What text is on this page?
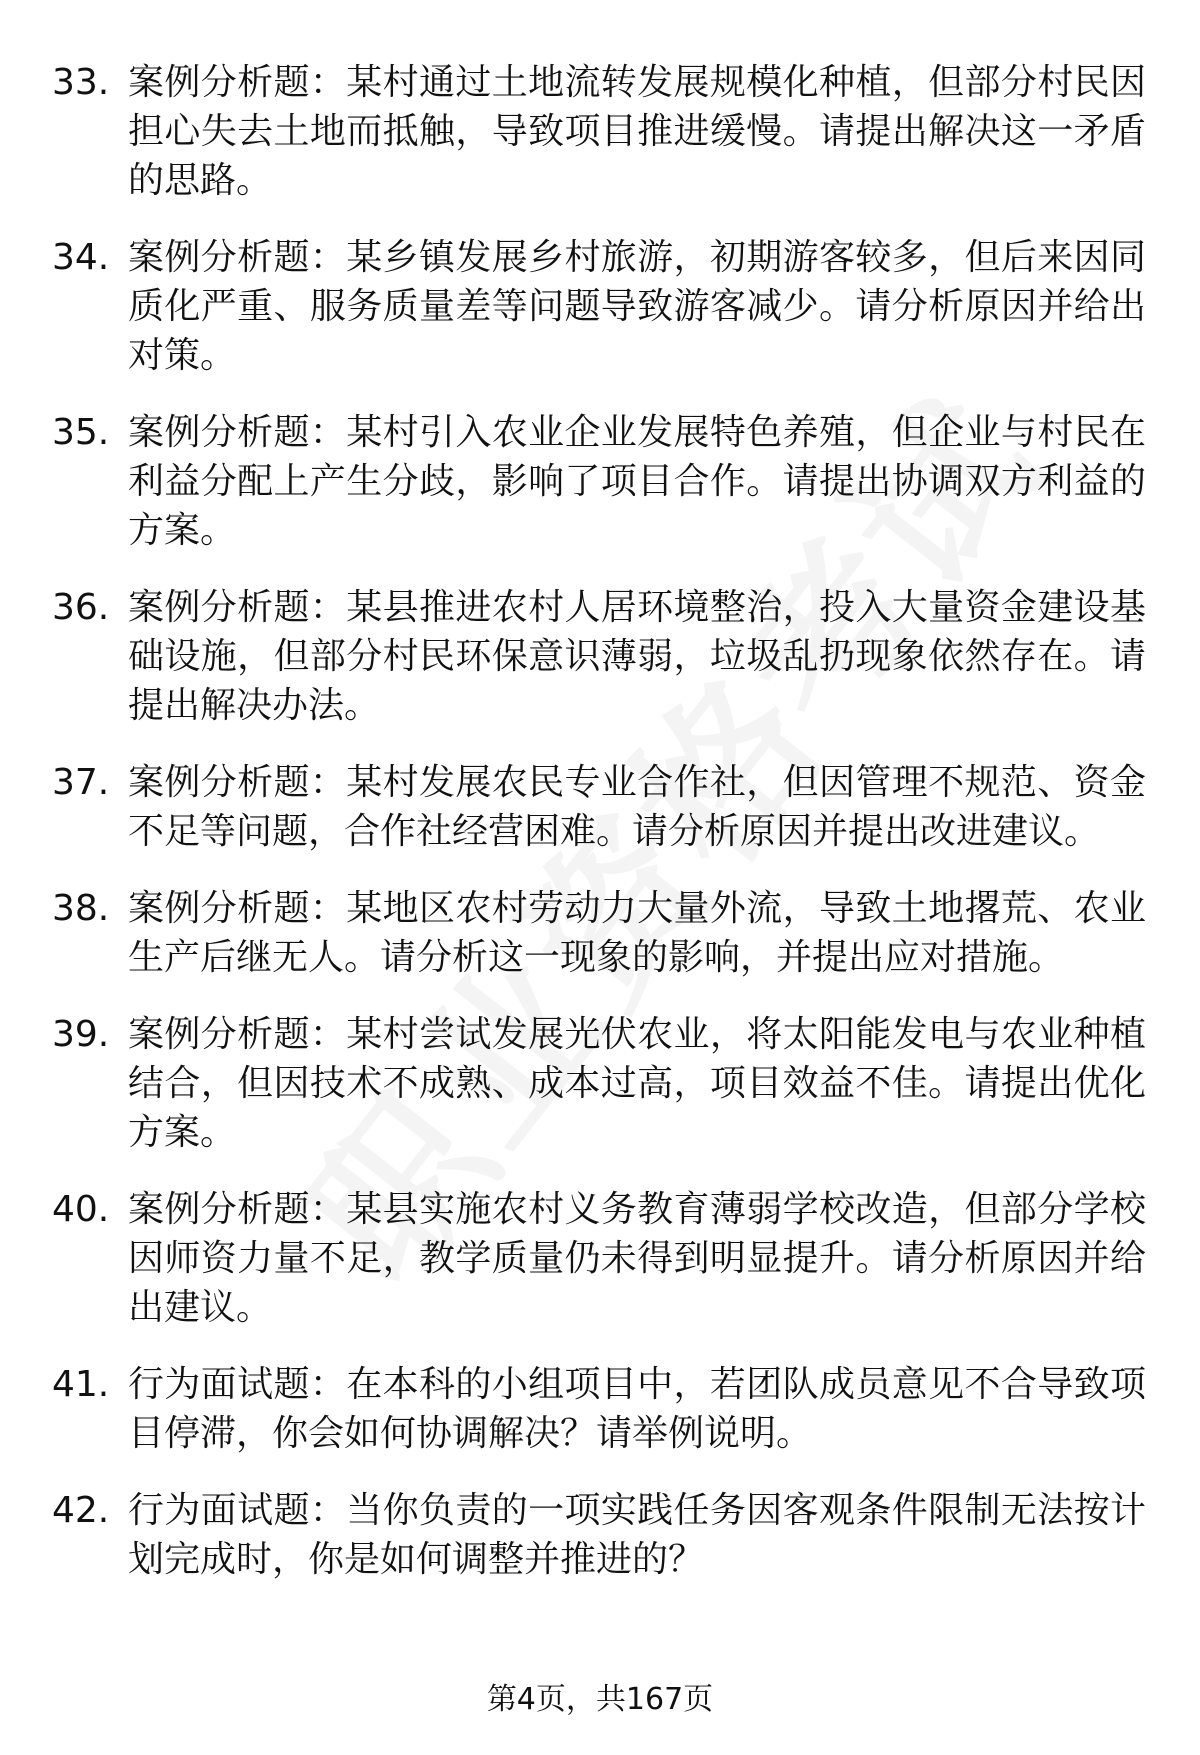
33. 案例分析题：某村通过土地流转发展规模化种植，但部分村民因担心失去土地而抵触，导致项目推进缓慢。请提出解决这一矛盾的思路。
34. 案例分析题：某乡镇发展乡村旅游，初期游客较多，但后来因同质化严重、服务质量差等问题导致游客减少。请分析原因并给出对策。
35. 案例分析题：某村引入农业企业发展特色养殖，但企业与村民在利益分配上产生分歧，影响了项目合作。请提出协调双方利益的方案。
36. 案例分析题：某县推进农村人居环境整治，投入大量资金建设基础设施，但部分村民环保意识薄弱，垃圾乱扔现象依然存在。请提出解决办法。
37. 案例分析题：某村发展农民专业合作社，但因管理不规范、资金不足等问题，合作社经营困难。请分析原因并提出改进建议。
38. 案例分析题：某地区农村劳动力大量外流，导致土地撂荒、农业生产后继无人。请分析这一现象的影响，并提出应对措施。
39. 案例分析题：某村尝试发展光伏农业，将太阳能发电与农业种植结合，但因技术不成熟、成本过高，项目效益不佳。请提出优化方案。
40. 案例分析题：某县实施农村义务教育薄弱学校改造，但部分学校因师资力量不足，教学质量仍未得到明显提升。请分析原因并给出建议。
41. 行为面试题：在本科的小组项目中，若团队成员意见不合导致项目停滞，你会如何协调解决？请举例说明。
42. 行为面试题：当你负责的一项实践任务因客观条件限制无法按计划完成时，你是如何调整并推进的？
第4页，共167页
